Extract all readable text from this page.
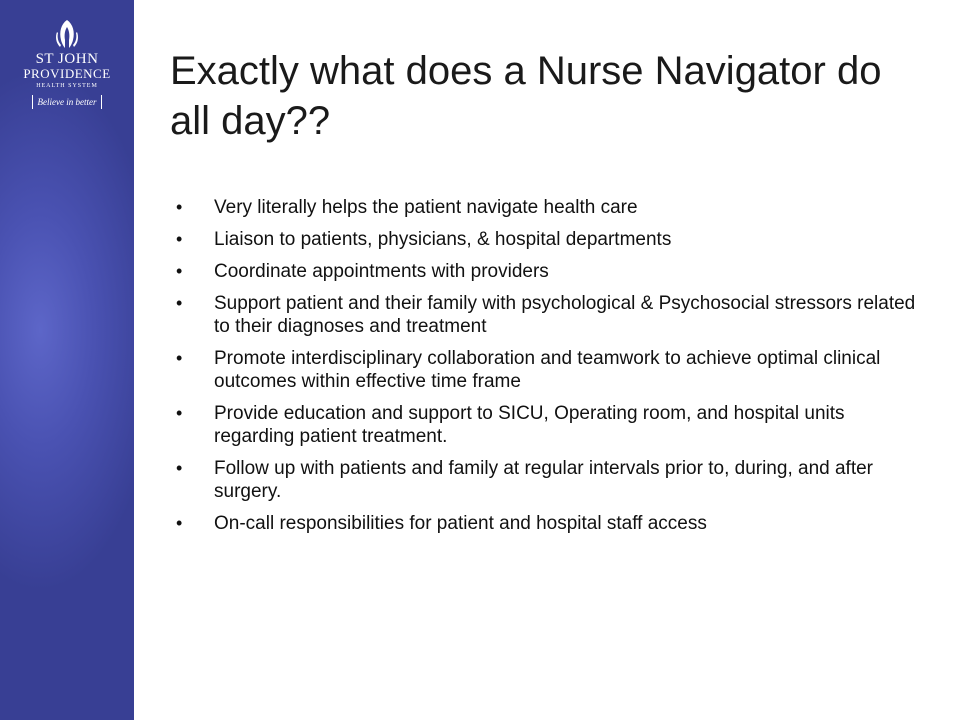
ST JOHN
PROVIDENCE
HEALTH SYSTEM
Believe in better
Exactly what does a Nurse Navigator do all day??
• Very literally helps the patient navigate health care
• Liaison to patients, physicians, & hospital departments
• Coordinate appointments with providers
• Support patient and their family with psychological & Psychosocial stressors related to their diagnoses and treatment
• Promote interdisciplinary collaboration and teamwork to achieve optimal clinical outcomes within effective time frame
• Provide education and support to SICU, Operating room, and hospital units regarding patient treatment.
• Follow up with patients and family at regular intervals prior to, during, and after surgery.
• On-call responsibilities for patient and hospital staff access
